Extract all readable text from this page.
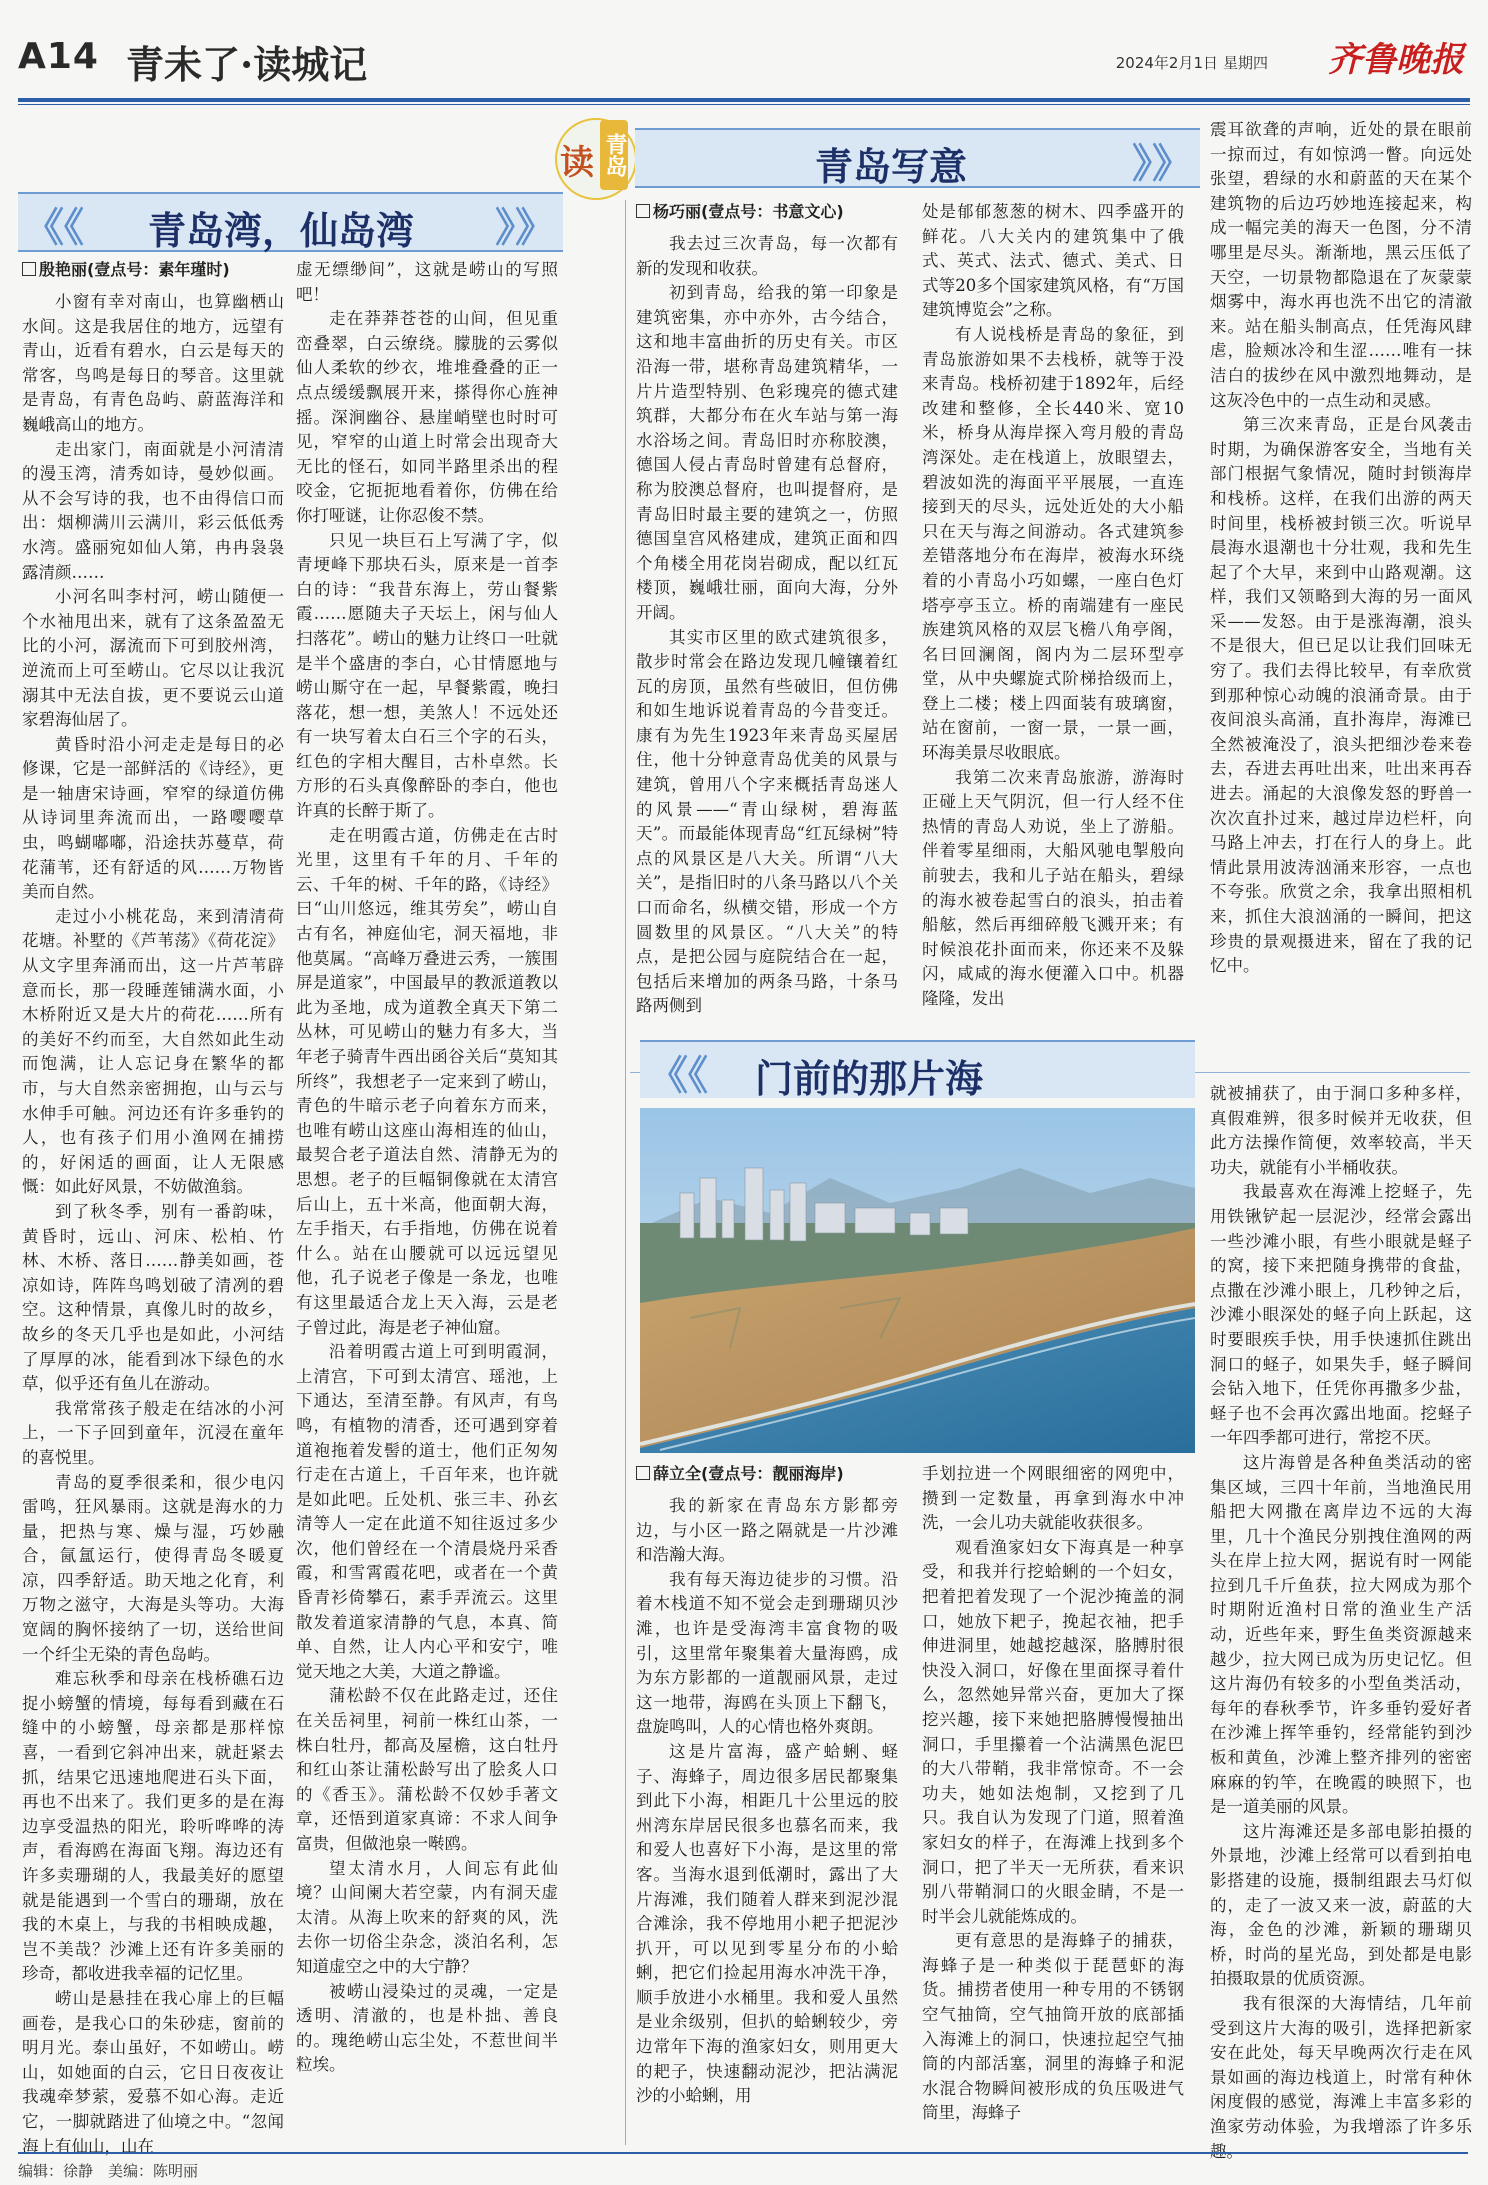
A14 青未了·读城记	2024年2月1日 星期四 齐鲁晚报
《《 青岛湾，仙岛湾 》》
读 青岛	青岛写意	》》
殷艳丽(壹点号：素年瑾时)

小窗有幸对南山，也算幽栖山水间。这是我居住的地方，远望有青山，近看有碧水，白云是每天的常客，鸟鸣是每日的琴音。这里就是青岛，有青色岛屿、蔚蓝海洋和巍峨高山的地方。

走出家门，南面就是小河清清的漫玉湾，清秀如诗，曼妙似画。从不会写诗的我，也不由得信口而出：烟柳满川云满川，彩云低低秀水湾。盛丽宛如仙人第，冉冉袅袅露清颜……

小河名叫李村河，崂山随便一个水袖甩出来，就有了这条盈盈无比的小河，潺流而下可到胶州湾，逆流而上可至崂山。它尽以让我沉溺其中无法自拔，更不要说云山道家碧海仙居了。

黄昏时沿小河走走是每日的必修课，它是一部鲜活的《诗经》，更是一轴唐宋诗画，窄窄的绿道仿佛从诗词里奔流而出，一路嘤嘤草虫，鸣蝴嘟嘟，沿途扶苏蔓草，荷花蒲苇，还有舒适的风……万物皆美而自然。

走过小小桃花岛，来到清清荷花塘。补墅的《芦苇荡》《荷花淀》从文字里奔涌而出，这一片芦苇辟意而长，那一段睡莲铺满水面，小木桥附近又是大片的荷花……所有的美好不约而至，大自然如此生动而饱满，让人忘记身在繁华的都市，与大自然亲密拥抱，山与云与水伸手可触。河边还有许多垂钓的人，也有孩子们用小渔网在捕捞的，好闲适的画面，让人无限感慨：如此好风景，不妨做渔翁。

到了秋冬季，别有一番韵味，黄昏时，远山、河床、松柏、竹林、木桥、落日……静美如画，苍凉如诗，阵阵鸟鸣划破了清冽的碧空。这种情景，真像儿时的故乡，故乡的冬天几乎也是如此，小河结了厚厚的冰，能看到冰下绿色的水草，似乎还有鱼儿在游动。

我常常孩子般走在结冰的小河上，一下子回到童年，沉浸在童年的喜悦里。

青岛的夏季很柔和，很少电闪雷鸣，狂风暴雨。这就是海水的力量，把热与寒、燥与湿，巧妙融合，氤氲运行，使得青岛冬暖夏凉，四季舒适。助天地之化育，利万物之滋守，大海是头等功。大海宽阔的胸怀接纳了一切，送给世间一个纤尘无染的青色岛屿。

难忘秋季和母亲在栈桥礁石边捉小螃蟹的情境，每每看到藏在石缝中的小螃蟹，母亲都是那样惊喜，一看到它斜冲出来，就赶紧去抓，结果它迅速地爬进石头下面，再也不出来了。我们更多的是在海边享受温热的阳光，聆听哗哗的涛声，看海鸥在海面飞翔。海边还有许多卖珊瑚的人，我最美好的愿望就是能遇到一个雪白的珊瑚，放在我的木桌上，与我的书相映成趣，岂不美哉？沙滩上还有许多美丽的珍奇，都收进我幸福的记忆里。

崂山是悬挂在我心扉上的巨幅画卷，是我心口的朱砂痣，窗前的明月光。泰山虽好，不如崂山。崂山，如她面的白云，它日日夜夜让我魂牵梦萦，爱慕不如心海。走近它，一脚就踏进了仙境之中。“忽闻海上有仙山，山在

虚无缥缈间”，这就是崂山的写照吧！

走在莽莽苍苍的山间，但见重峦叠翠，白云缭绕。朦胧的云雾似仙人柔软的纱衣，堆堆叠叠的正一点点缓缓飘展开来，搽得你心旌神摇。深涧幽谷、悬崖峭壁也时时可见，窄窄的山道上时常会出现奇大无比的怪石，如同半路里杀出的程咬金，它扼扼地看着你，仿佛在给你打哑谜，让你忍俊不禁。

只见一块巨石上写满了字，似青埂峰下那块石头，原来是一首李白的诗：“我昔东海上，劳山餐紫霞……愿随夫子天坛上，闲与仙人扫落花”。崂山的魅力让终口一吐就是半个盛唐的李白，心甘情愿地与崂山厮守在一起，早餐紫霞，晚扫落花，想一想，美煞人！不远处还有一块写着太白石三个字的石头，红色的字相大醒目，古朴卓然。长方形的石头真像醉卧的李白，他也许真的长醉于斯了。

走在明霞古道，仿佛走在古时光里，这里有千年的月、千年的云、千年的树、千年的路，《诗经》曰“山川悠远，维其劳矣”，崂山自古有名，神庭仙宅，洞天福地，非他莫属。“高峰万叠进云秀，一簇围屏是道家”，中国最早的教派道教以此为圣地，成为道教全真天下第二丛林，可见崂山的魅力有多大，当年老子骑青牛西出函谷关后“莫知其所终”，我想老子一定来到了崂山，青色的牛暗示老子向着东方而来，也唯有崂山这座山海相连的仙山，最契合老子道法自然、清静无为的思想。老子的巨幅铜像就在太清宫后山上，五十米高，他面朝大海，左手指天，右手指地，仿佛在说着什么。站在山腰就可以远远望见他，孔子说老子像是一条龙，也唯有这里最适合龙上天入海，云是老子曾过此，海是老子神仙窟。

沿着明霞古道上可到明霞洞，上清宫，下可到太清宫、瑶池，上下通达，至清至静。有风声，有鸟鸣，有植物的清香，还可遇到穿着道袍拖着发髻的道士，他们正匆匆行走在古道上，千百年来，也许就是如此吧。丘处机、张三丰、孙玄清等人一定在此道不知往返过多少次，他们曾经在一个清晨烧丹采香霞，和雪霄霞花吧，或者在一个黄昏青衫倚攀石，素手弄流云。这里散发着道家清静的气息，本真、简单、自然，让人内心平和安宁，唯觉天地之大美，大道之静谧。

蒲松龄不仅在此路走过，还住在关岳祠里，祠前一株红山茶，一株白牡丹，都高及屋檐，这白牡丹和红山茶让蒲松龄写出了脍炙人口的《香玉》。蒲松龄不仅妙手著文章，还悟到道家真谛：不求人间争富贵，但做池泉一啭鸥。

望太清水月，人间忘有此仙境？山间阑大若空蒙，内有洞天虚太清。从海上吹来的舒爽的风，洗去你一切俗尘杂念，淡泊名利，怎知道虚空之中的大宁静？

被崂山浸染过的灵魂，一定是透明、清澈的，也是朴拙、善良的。瑰绝崂山忘尘处，不惹世间半粒埃。

杨巧丽(壹点号：书意文心)

我去过三次青岛，每一次都有新的发现和收获。

初到青岛，给我的第一印象是建筑密集，亦中亦外，古今结合，这和地丰富曲折的历史有关。市区沿海一带，堪称青岛建筑精华，一片片造型特别、色彩瑰亮的德式建筑群，大都分布在火车站与第一海水浴场之间。青岛旧时亦称胶澳，德国人侵占青岛时曾建有总督府，称为胶澳总督府，也叫提督府，是青岛旧时最主要的建筑之一，仿照德国皇宫风格建成，建筑正面和四个角楼全用花岗岩砌成，配以红瓦楼顶，巍峨壮丽，面向大海，分外开阔。

其实市区里的欧式建筑很多，散步时常会在路边发现几幢镶着红瓦的房顶，虽然有些破旧，但仿佛和如生地诉说着青岛的今昔变迁。康有为先生1923年来青岛买屋居住，他十分钟意青岛优美的风景与建筑，曾用八个字来概括青岛迷人的风景——“青山绿树，碧海蓝天”。而最能体现青岛“红瓦绿树”特点的风景区是八大关。所谓“八大关”，是指旧时的八条马路以八个关口而命名，纵横交错，形成一个方圆数里的风景区。“八大关”的特点，是把公园与庭院结合在一起，包括后来增加的两条马路，十条马路两侧到

处是郁郁葱葱的树木、四季盛开的鲜花。八大关内的建筑集中了俄式、英式、法式、德式、美式、日式等20多个国家建筑风格，有“万国建筑博览会”之称。

有人说栈桥是青岛的象征，到青岛旅游如果不去栈桥，就等于没来青岛。栈桥初建于1892年，后经改建和整修，全长440米、宽10米，桥身从海岸探入弯月般的青岛湾深处。走在栈道上，放眼望去，碧波如洗的海面平平展展，一直连接到天的尽头，远处近处的大小船只在天与海之间游动。各式建筑参差错落地分布在海岸，被海水环绕着的小青岛小巧如螺，一座白色灯塔亭亭玉立。桥的南端建有一座民族建筑风格的双层飞檐八角亭阁，名曰回澜阁，阁内为二层环型亭堂，从中央螺旋式阶梯拾级而上，登上二楼；楼上四面装有玻璃窗，站在窗前，一窗一景，一景一画，环海美景尽收眼底。

我第二次来青岛旅游，游海时正碰上天气阴沉，但一行人经不住热情的青岛人劝说，坐上了游船。伴着零星细雨，大船风驰电掣般向前驶去，我和儿子站在船头，碧绿的海水被卷起雪白的浪头，拍击着船舷，然后再细碎般飞溅开来；有时候浪花扑面而来，你还来不及躲闪，咸咸的海水便灌入口中。机器隆隆，发出

震耳欲聋的声响，近处的景在眼前一掠而过，有如惊鸿一瞥。向远处张望，碧绿的水和蔚蓝的天在某个建筑物的后边巧妙地连接起来，构成一幅完美的海天一色图，分不清哪里是尽头。渐渐地，黑云压低了天空，一切景物都隐退在了灰蒙蒙烟雾中，海水再也洗不出它的清澈来。站在船头制高点，任凭海风肆虐，脸颊冰冷和生涩……唯有一抹洁白的拔纱在风中激烈地舞动，是这灰冷色中的一点生动和灵感。

第三次来青岛，正是台风袭击时期，为确保游客安全，当地有关部门根据气象情况，随时封锁海岸和栈桥。这样，在我们出游的两天时间里，栈桥被封锁三次。听说早晨海水退潮也十分壮观，我和先生起了个大早，来到中山路观潮。这样，我们又领略到大海的另一面风采——发怒。由于是涨海潮，浪头不是很大，但已足以让我们回味无穷了。我们去得比较早，有幸欣赏到那种惊心动魄的浪涌奇景。由于夜间浪头高涌，直扑海岸，海滩已全然被淹没了，浪头把细沙卷来卷去，吞进去再吐出来，吐出来再吞进去。涌起的大浪像发怒的野兽一次次直扑过来，越过岸边栏杆，向马路上冲去，打在行人的身上。此情此景用波涛汹涌来形容，一点也不夸张。欣赏之余，我拿出照相机来，抓住大浪汹涌的一瞬间，把这珍贵的景观摄进来，留在了我的记忆中。

《《 门前的那片海
薛立全(壹点号：靓丽海岸)

我的新家在青岛东方影都旁边，与小区一路之隔就是一片沙滩和浩瀚大海。

我有每天海边徒步的习惯。沿着木栈道不知不觉会走到珊瑚贝沙滩，也许是受海湾丰富食物的吸引，这里常年聚集着大量海鸥，成为东方影都的一道靓丽风景，走过这一地带，海鸥在头顶上下翻飞，盘旋鸣叫，人的心情也格外爽朗。

这是片富海，盛产蛤蜊、蛏子、海蜂子，周边很多居民都聚集到此下小海，相距几十公里远的胶州湾东岸居民很多也慕名而来，我和爱人也喜好下小海，是这里的常客。当海水退到低潮时，露出了大片海滩，我们随着人群来到泥沙混合滩涂，我不停地用小耙子把泥沙扒开，可以见到零星分布的小蛤蜊，把它们捡起用海水冲洗干净，顺手放进小水桶里。我和爱人虽然是业余级别，但扒的蛤蜊较少，旁边常年下海的渔家妇女，则用更大的耙子，快速翻动泥沙，把沾满泥沙的小蛤蜊，用

手划拉进一个网眼细密的网兜中，攒到一定数量，再拿到海水中冲洗，一会儿功夫就能收获很多。

观看渔家妇女下海真是一种享受，和我并行挖蛤蜊的一个妇女，把着把着发现了一个泥沙掩盖的洞口，她放下耙子，挽起衣袖，把手伸进洞里，她越挖越深，胳膊肘很快没入洞口，好像在里面探寻着什么，忽然她异常兴奋，更加大了探挖兴趣，接下来她把胳膊慢慢抽出洞口，手里攥着一个沾满黑色泥巴的大八带鞘，我非常惊奇。不一会功夫，她如法炮制，又挖到了几只。我自认为发现了门道，照着渔家妇女的样子，在海滩上找到多个洞口，把了半天一无所获，看来识别八带鞘洞口的火眼金睛，不是一时半会儿就能炼成的。

更有意思的是海蜂子的捕获，海蜂子是一种类似于琵琶虾的海货。捕捞者使用一种专用的不锈钢空气抽筒，空气抽筒开放的底部插入海滩上的洞口，快速拉起空气抽筒的内部活塞，洞里的海蜂子和泥水混合物瞬间被形成的负压吸进气筒里，海蜂子

就被捕获了，由于洞口多种多样，真假难辨，很多时候并无收获，但此方法操作简便，效率较高，半天功夫，就能有小半桶收获。

我最喜欢在海滩上挖蛏子，先用铁锹铲起一层泥沙，经常会露出一些沙滩小眼，有些小眼就是蛏子的窝，接下来把随身携带的食盐，点撒在沙滩小眼上，几秒钟之后，沙滩小眼深处的蛏子向上跃起，这时要眼疾手快，用手快速抓住跳出洞口的蛏子，如果失手，蛏子瞬间会钻入地下，任凭你再撒多少盐，蛏子也不会再次露出地面。挖蛏子一年四季都可进行，常挖不厌。

这片海曾是各种鱼类活动的密集区域，三四十年前，当地渔民用船把大网撒在离岸边不远的大海里，几十个渔民分别拽住渔网的两头在岸上拉大网，据说有时一网能拉到几千斤鱼获，拉大网成为那个时期附近渔村日常的渔业生产活动，近些年来，野生鱼类资源越来越少，拉大网已成为历史记忆。但这片海仍有较多的小型鱼类活动，每年的春秋季节，许多垂钓爱好者在沙滩上挥竿垂钓，经常能钓到沙板和黄鱼，沙滩上整齐排列的密密麻麻的钓竿，在晚霞的映照下，也是一道美丽的风景。

这片海滩还是多部电影拍摄的外景地，沙滩上经常可以看到拍电影搭建的设施，摄制组跟去马灯似的，走了一波又来一波，蔚蓝的大海，金色的沙滩，新颖的珊瑚贝桥，时尚的星光岛，到处都是电影拍摄取景的优质资源。

我有很深的大海情结，几年前受到这片大海的吸引，选择把新家安在此处，每天早晚两次行走在风景如画的海边栈道上，时常有种休闲度假的感觉，海滩上丰富多彩的渔家劳动体验，为我增添了许多乐趣。

编辑：徐静 美编：陈明丽
